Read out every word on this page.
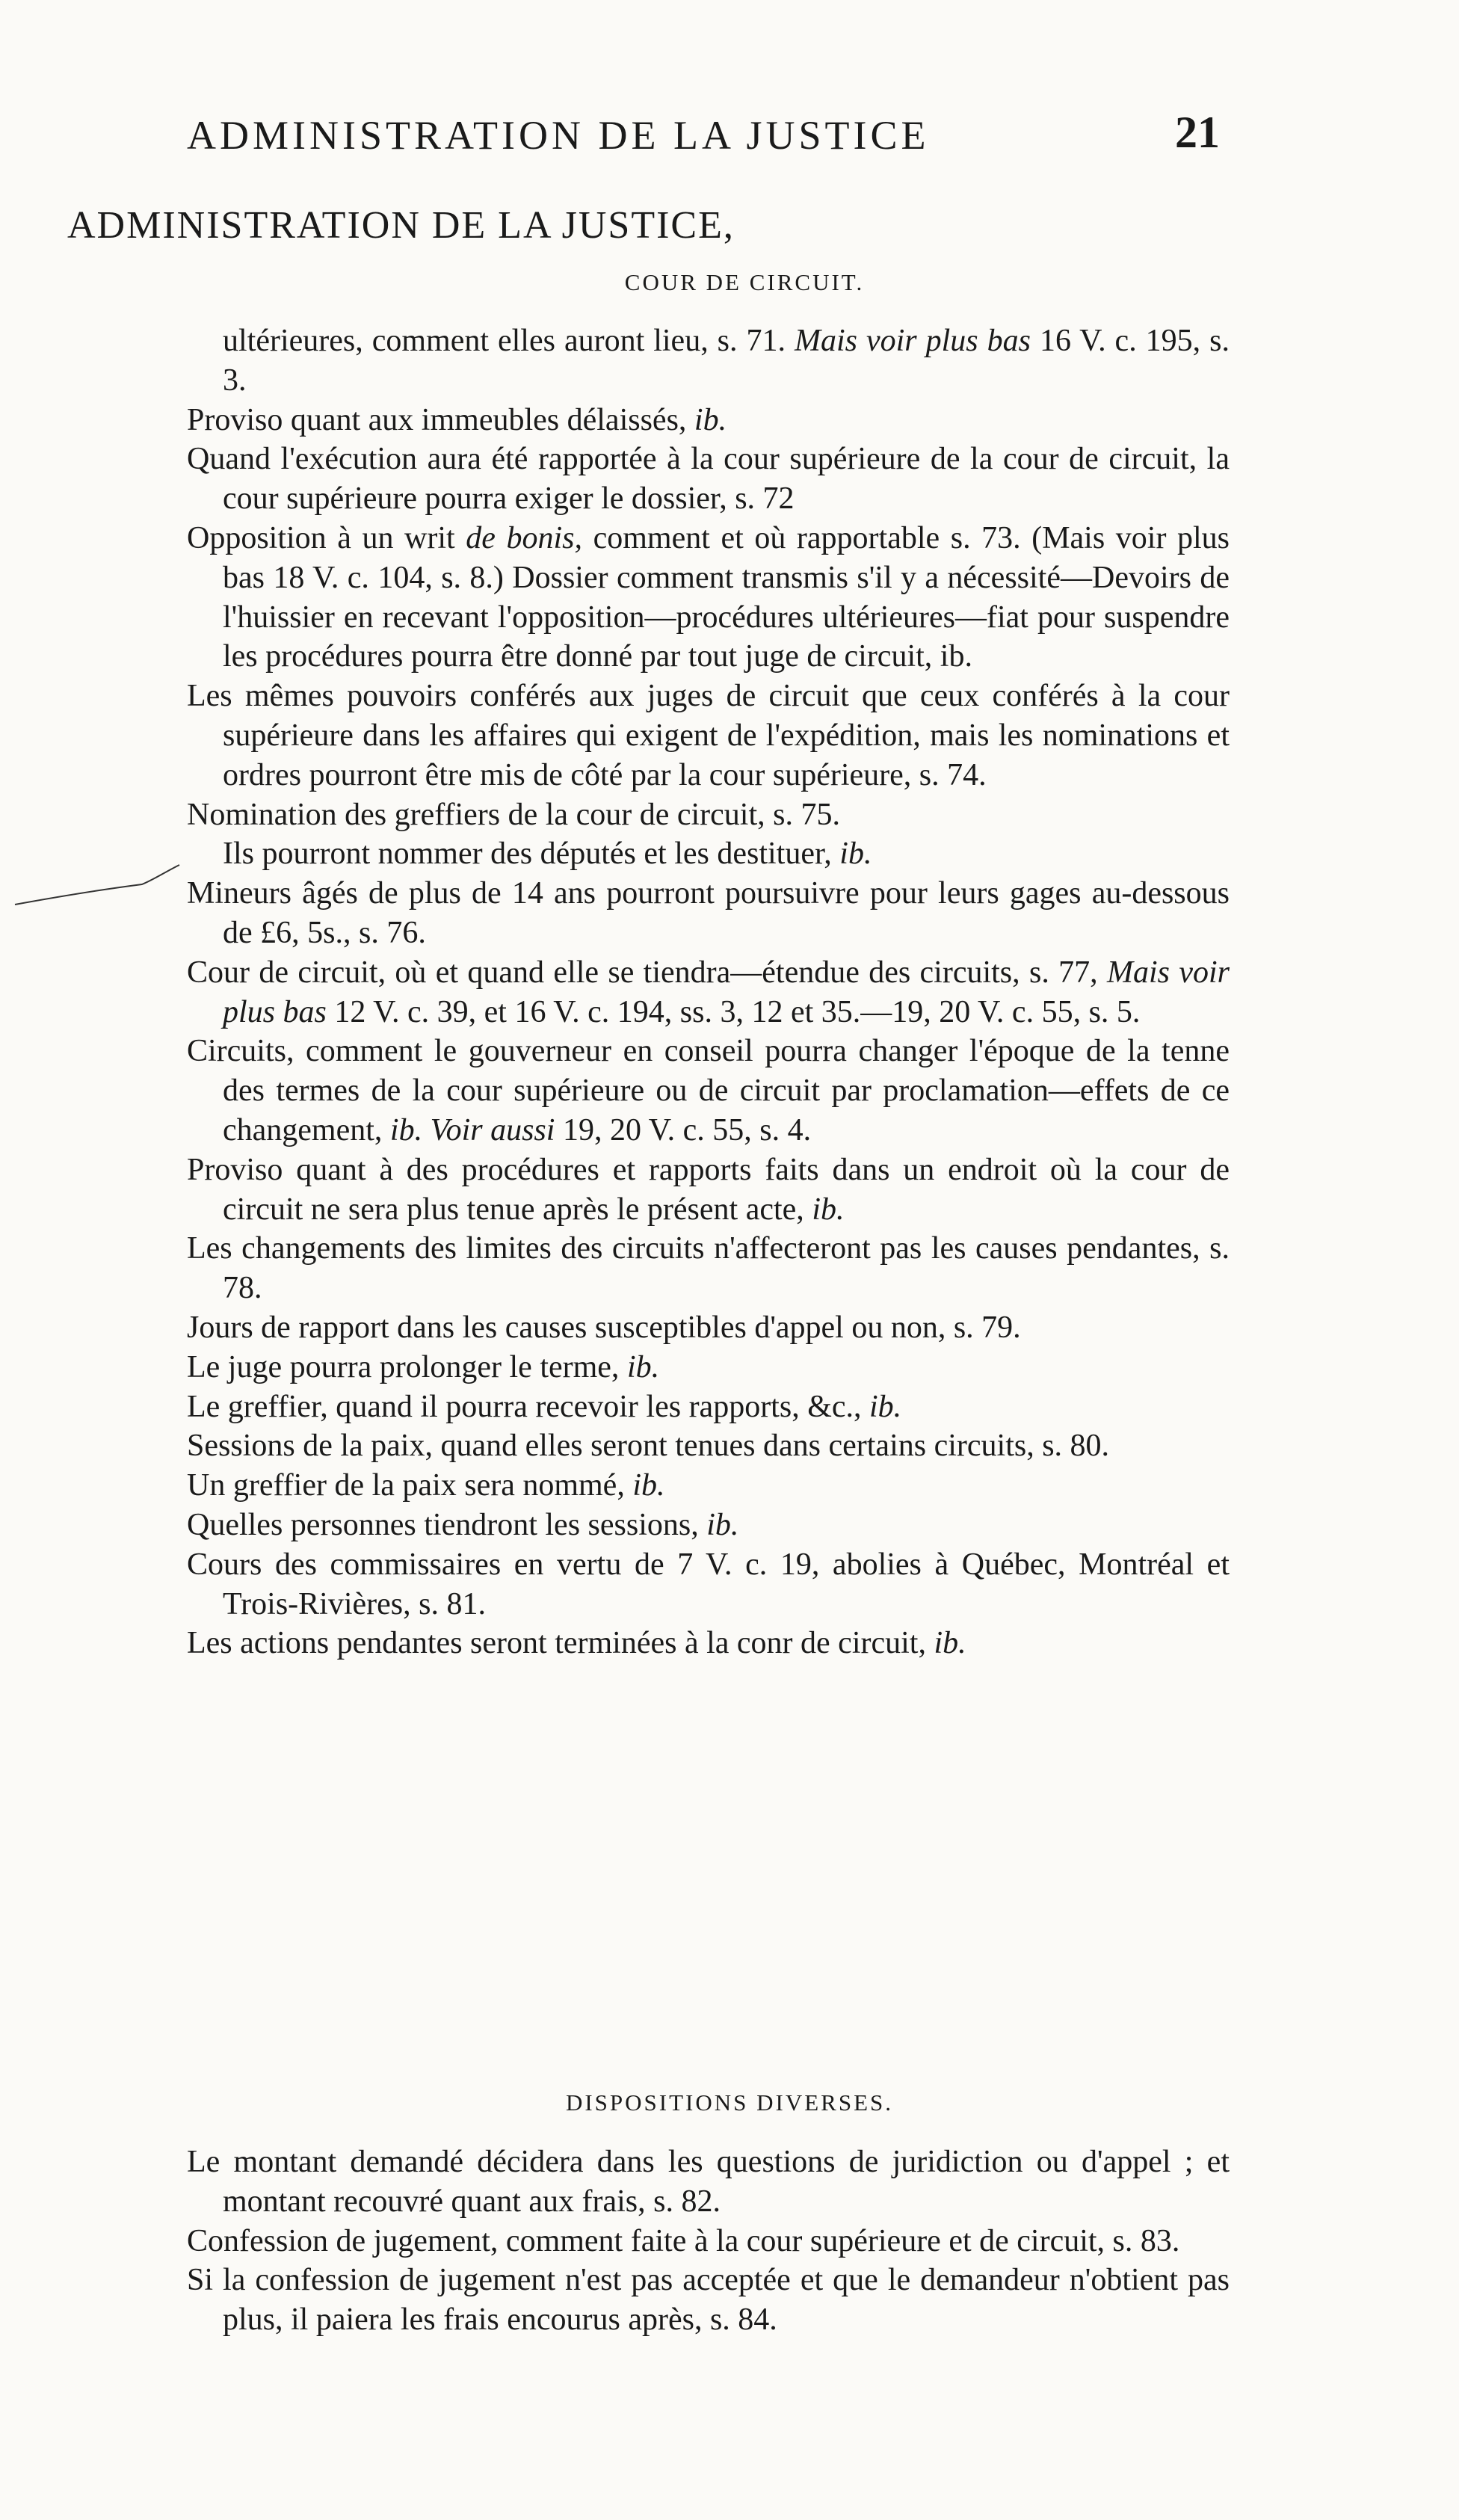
ADMINISTRATION DE LA JUSTICE	21
ADMINISTRATION DE LA JUSTICE,
COUR DE CIRCUIT.

ultérieures, comment elles auront lieu, s. 71. Mais voir plus bas 16 V. c. 195, s. 3.

Proviso quant aux immeubles délaissés, ib.

Quand l'exécution aura été rapportée à la cour supérieure de la cour de circuit, la cour supérieure pourra exiger le dossier, s. 72

Opposition à un writ de bonis, comment et où rapportable s. 73. (Mais voir plus bas 18 V. c. 104, s. 8.) Dossier comment transmis s'il y a nécessité—Devoirs de l'huissier en recevant l'opposition—procédures ultérieures—fiat pour suspendre les procédures pourra être donné par tout juge de circuit, ib.

Les mêmes pouvoirs conférés aux juges de circuit que ceux conférés à la cour supérieure dans les affaires qui exigent de l'expédition, mais les nominations et ordres pourront être mis de côté par la cour supérieure, s. 74.

Nomination des greffiers de la cour de circuit, s. 75.

Ils pourront nommer des députés et les destituer, ib.

Mineurs âgés de plus de 14 ans pourront poursuivre pour leurs gages au-dessous de £6, 5s., s. 76.

Cour de circuit, où et quand elle se tiendra—étendue des circuits, s. 77, Mais voir plus bas 12 V. c. 39, et 16 V. c. 194, ss. 3, 12 et 35.—19, 20 V. c. 55, s. 5.

Circuits, comment le gouverneur en conseil pourra changer l'époque de la tenne des termes de la cour supérieure ou de circuit par proclamation—effets de ce changement, ib. Voir aussi 19, 20 V. c. 55, s. 4.

Proviso quant à des procédures et rapports faits dans un endroit où la cour de circuit ne sera plus tenue après le présent acte, ib.

Les changements des limites des circuits n'affecteront pas les causes pendantes, s. 78.

Jours de rapport dans les causes susceptibles d'appel ou non, s. 79.

Le juge pourra prolonger le terme, ib.

Le greffier, quand il pourra recevoir les rapports, &c., ib.

Sessions de la paix, quand elles seront tenues dans certains circuits, s. 80.

Un greffier de la paix sera nommé, ib.

Quelles personnes tiendront les sessions, ib.

Cours des commissaires en vertu de 7 V. c. 19, abolies à Québec, Montréal et Trois-Rivières, s. 81.

Les actions pendantes seront terminées à la conr de circuit, ib.

DISPOSITIONS DIVERSES.

Le montant demandé décidera dans les questions de juridiction ou d'appel ; et montant recouvré quant aux frais, s. 82.

Confession de jugement, comment faite à la cour supérieure et de circuit, s. 83.

Si la confession de jugement n'est pas acceptée et que le demandeur n'obtient pas plus, il paiera les frais encourus après, s. 84.
